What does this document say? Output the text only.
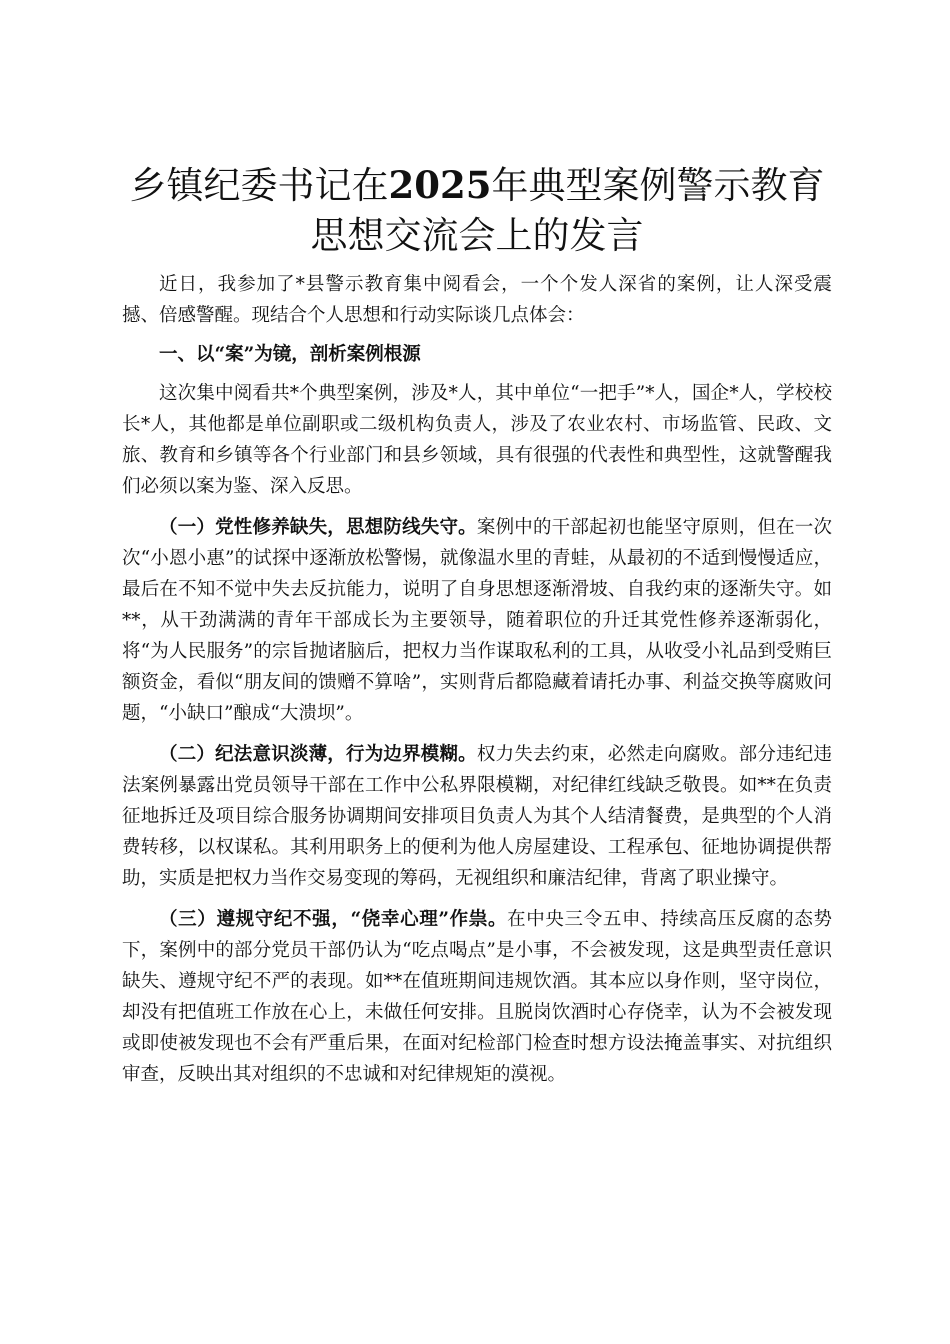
乡镇纪委书记在2025年典型案例警示教育思想交流会上的发言

近日，我参加了*县警示教育集中阅看会，一个个发人深省的案例，让人深受震撼、倍感警醒。现结合个人思想和行动实际谈几点体会：

一、以“案”为镜，剖析案例根源

这次集中阅看共*个典型案例，涉及*人，其中单位“一把手”*人，国企*人，学校校长*人，其他都是单位副职或二级机构负责人，涉及了农业农村、市场监管、民政、文旅、教育和乡镇等各个行业部门和县乡领域，具有很强的代表性和典型性，这就警醒我们必须以案为鉴、深入反思。

（一）党性修养缺失，思想防线失守。案例中的干部起初也能坚守原则，但在一次次“小恩小惠”的试探中逐渐放松警惕，就像温水里的青蛙，从最初的不适到慢慢适应，最后在不知不觉中失去反抗能力，说明了自身思想逐渐滑坡、自我约束的逐渐失守。如**，从干劲满满的青年干部成长为主要领导，随着职位的升迁其党性修养逐渐弱化，将“为人民服务”的宗旨抛诸脑后，把权力当作谋取私利的工具，从收受小礼品到受贿巨额资金，看似“朋友间的馈赠不算啥”，实则背后都隐藏着请托办事、利益交换等腐败问题，“小缺口”酿成“大溃坝”。

（二）纪法意识淡薄，行为边界模糊。权力失去约束，必然走向腐败。部分违纪违法案例暴露出党员领导干部在工作中公私界限模糊，对纪律红线缺乏敬畏。如**在负责征地拆迁及项目综合服务协调期间安排项目负责人为其个人结清餐费，是典型的个人消费转移，以权谋私。其利用职务上的便利为他人房屋建设、工程承包、征地协调提供帮助，实质是把权力当作交易变现的筹码，无视组织和廉洁纪律，背离了职业操守。

（三）遵规守纪不强，“侥幸心理”作祟。在中央三令五申、持续高压反腐的态势下，案例中的部分党员干部仍认为“吃点喝点”是小事，不会被发现，这是典型责任意识缺失、遵规守纪不严的表现。如**在值班期间违规饮酒。其本应以身作则，坚守岗位，却没有把值班工作放在心上，未做任何安排。且脱岗饮酒时心存侥幸，认为不会被发现或即使被发现也不会有严重后果，在面对纪检部门检查时想方设法掩盖事实、对抗组织审查，反映出其对组织的不忠诚和对纪律规矩的漠视。
